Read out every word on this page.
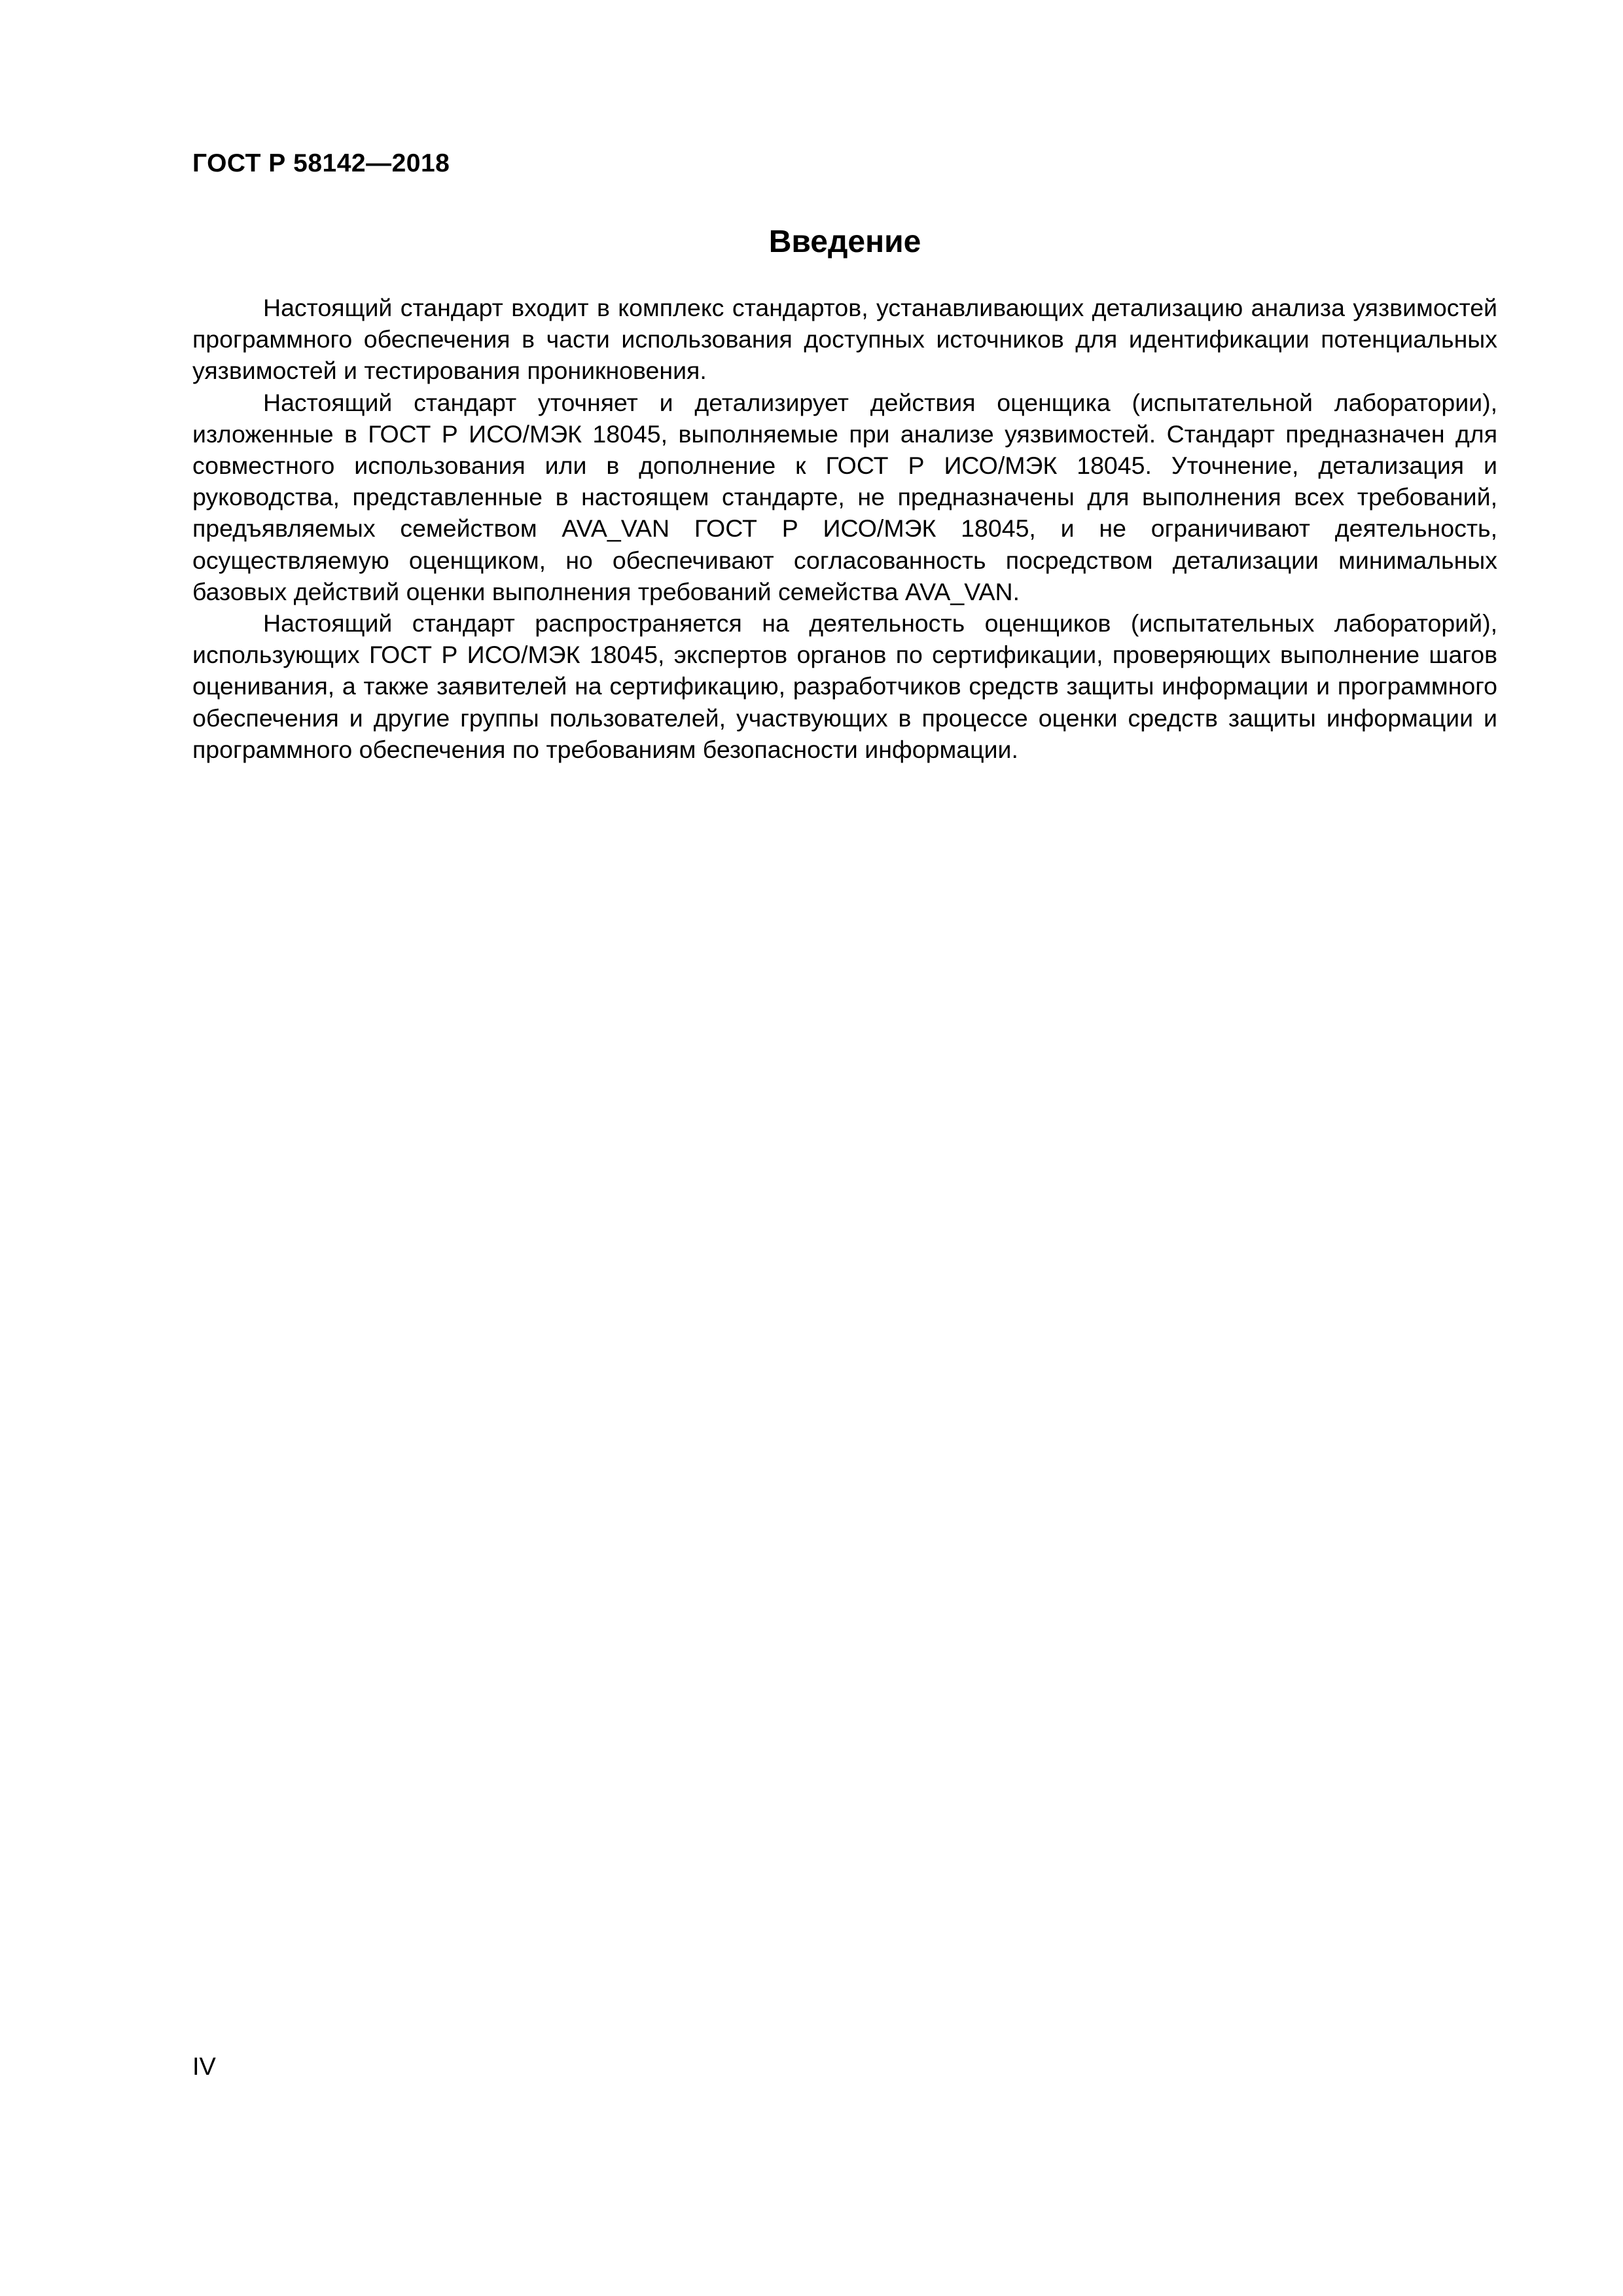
ГОСТ Р 58142—2018
Введение

Настоящий стандарт входит в комплекс стандартов, устанавливающих детализацию анализа уязвимостей программного обеспечения в части использования доступных источников для идентификации потенциальных уязвимостей и тестирования проникновения.

Настоящий стандарт уточняет и детализирует действия оценщика (испытательной лаборатории), изложенные в ГОСТ Р ИСО/МЭК 18045, выполняемые при анализе уязвимостей. Стандарт предназначен для совместного использования или в дополнение к ГОСТ Р ИСО/МЭК 18045. Уточнение, детализация и руководства, представленные в настоящем стандарте, не предназначены для выполнения всех требований, предъявляемых семейством AVA_VAN ГОСТ Р ИСО/МЭК 18045, и не ограничивают деятельность, осуществляемую оценщиком, но обеспечивают согласованность посредством детализации минимальных базовых действий оценки выполнения требований семейства AVA_VAN.

Настоящий стандарт распространяется на деятельность оценщиков (испытательных лабораторий), использующих ГОСТ Р ИСО/МЭК 18045, экспертов органов по сертификации, проверяющих выполнение шагов оценивания, а также заявителей на сертификацию, разработчиков средств защиты информации и программного обеспечения и другие группы пользователей, участвующих в процессе оценки средств защиты информации и программного обеспечения по требованиям безопасности информации.

IV
